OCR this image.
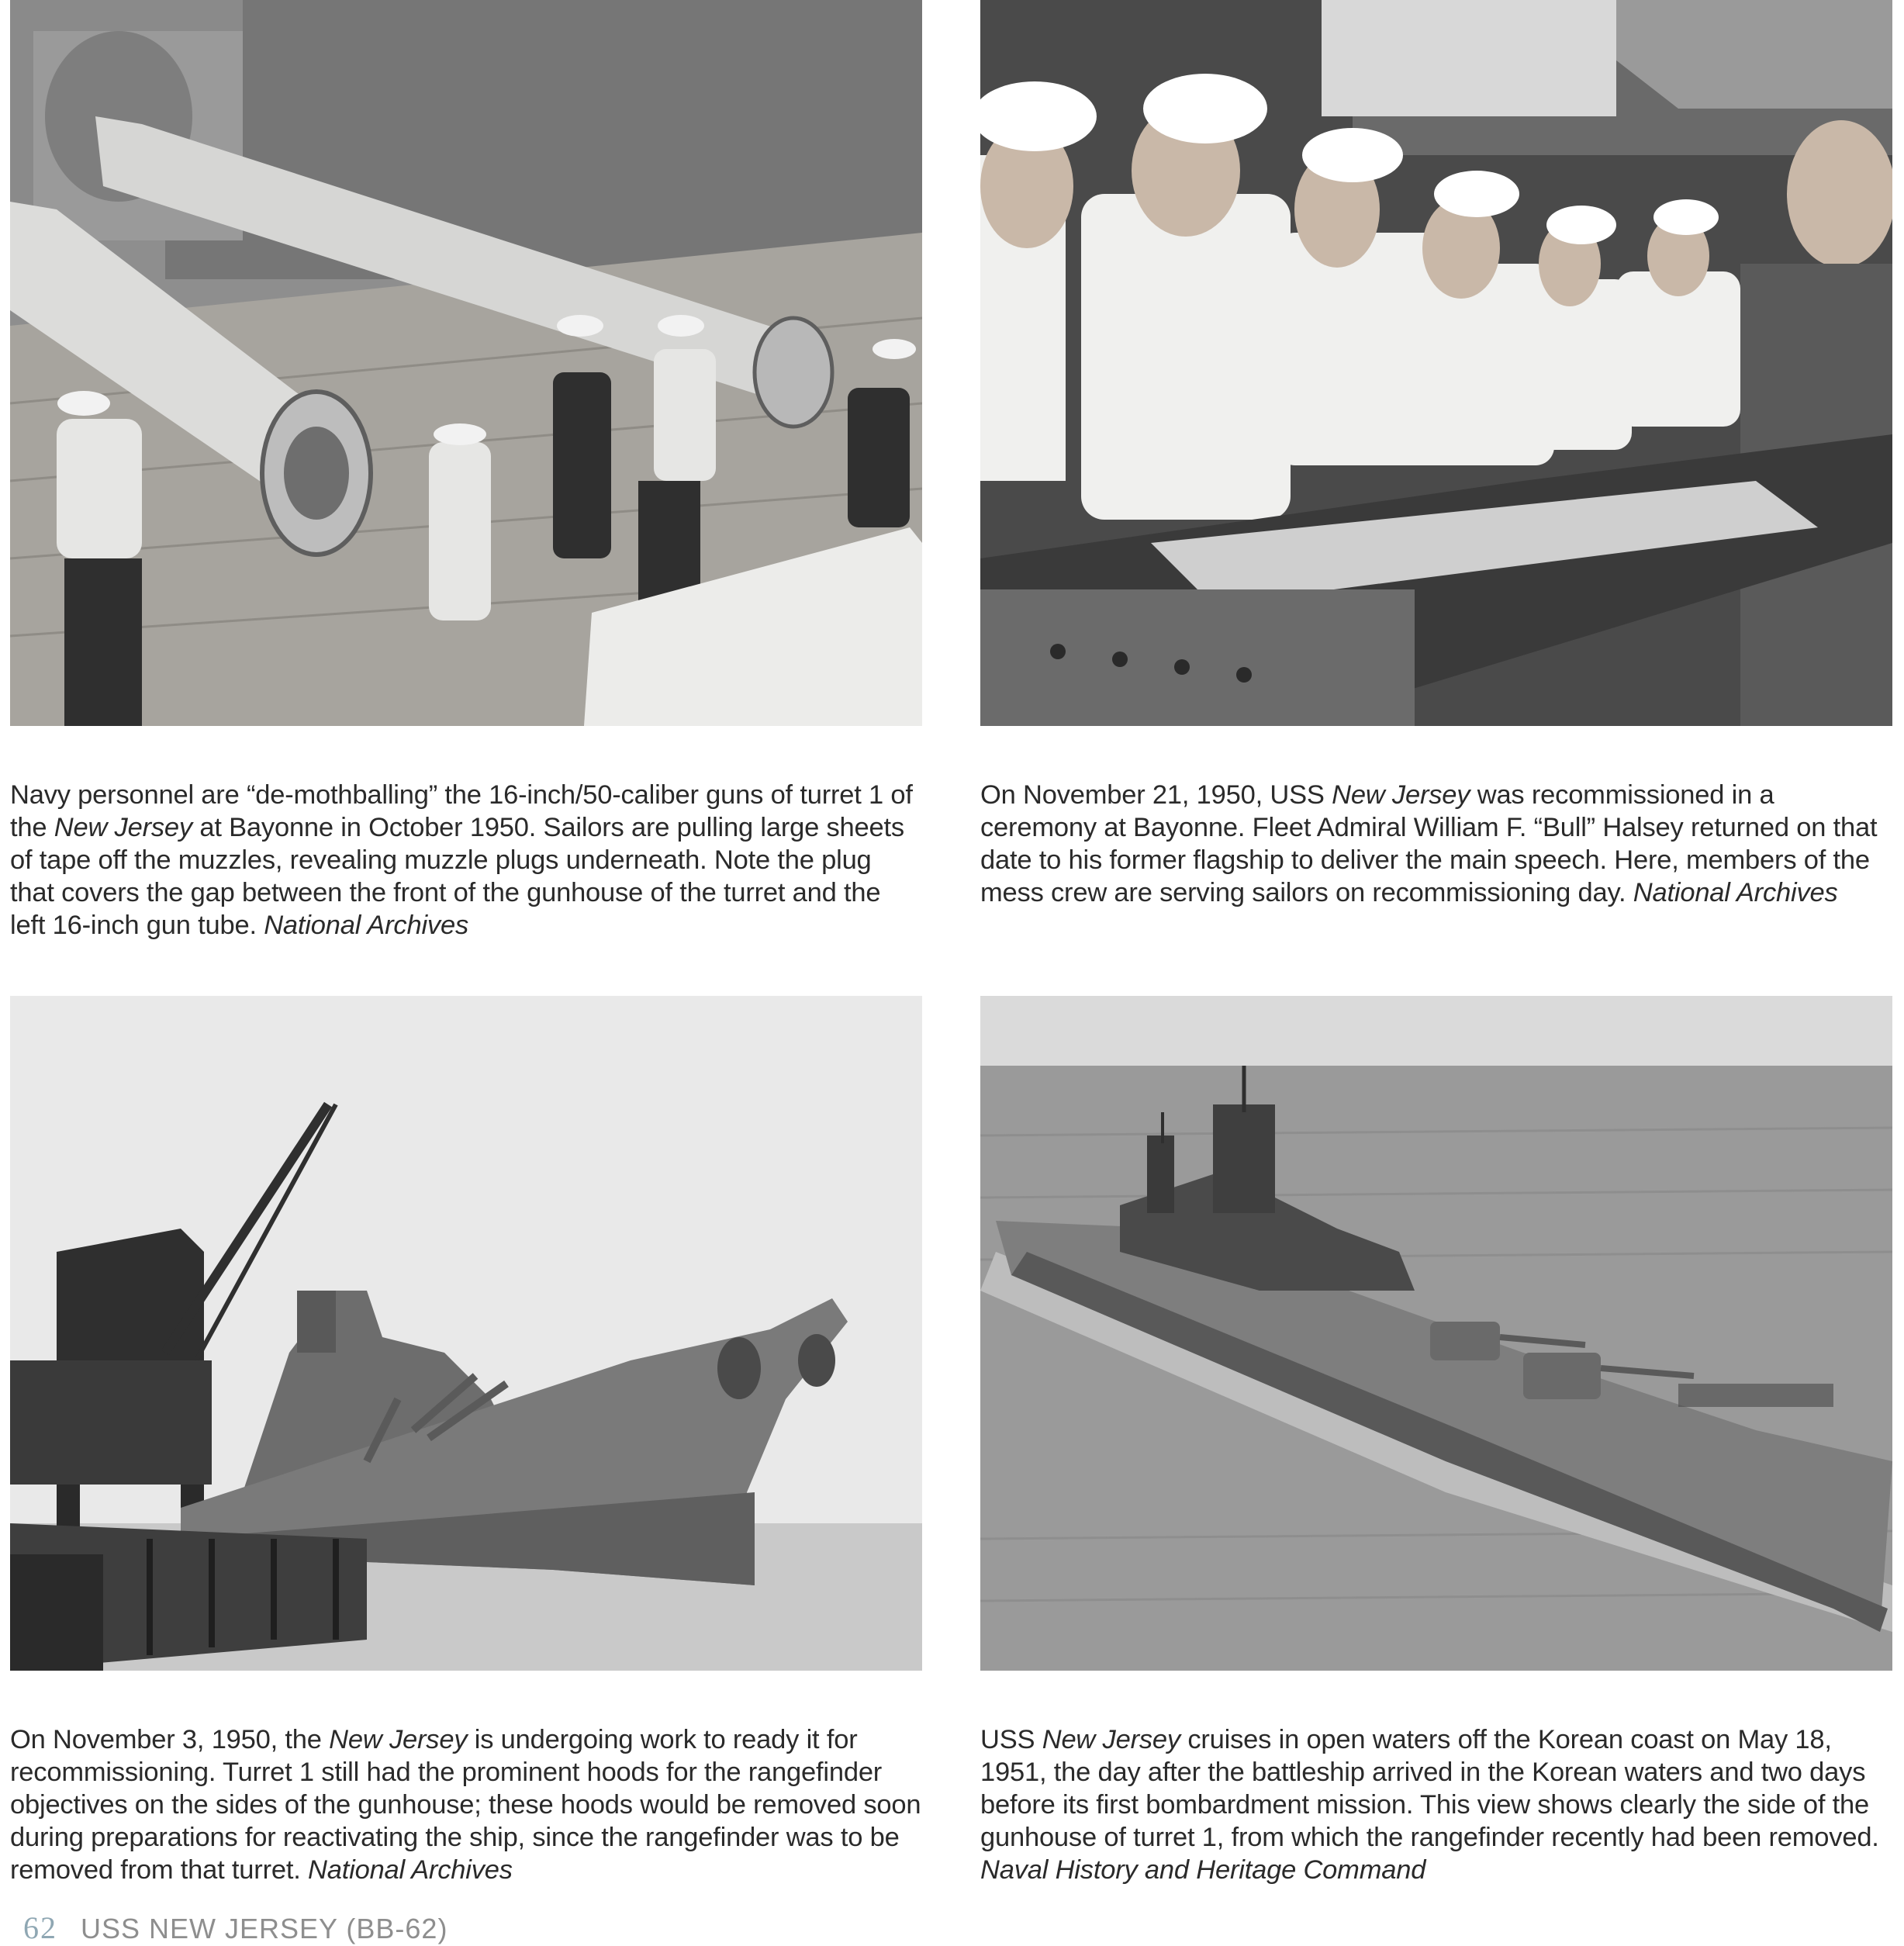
Navy personnel are “de-mothballing” the 16-inch/50-caliber guns of turret 1 of the New Jersey at Bayonne in October 1950. Sailors are pulling large sheets of tape off the muzzles, revealing muzzle plugs underneath. Note the plug that covers the gap between the front of the gunhouse of the turret and the left 16-inch gun tube. National Archives

On November 21, 1950, USS New Jersey was recommissioned in a ceremony at Bayonne. Fleet Admiral William F. “Bull” Halsey returned on that date to his former flagship to deliver the main speech. Here, members of the mess crew are serving sailors on recommissioning day. National Archives

On November 3, 1950, the New Jersey is undergoing work to ready it for recommissioning. Turret 1 still had the prominent hoods for the rangefinder objectives on the sides of the gunhouse; these hoods would be removed soon during preparations for reactivating the ship, since the rangefinder was to be removed from that turret. National Archives

USS New Jersey cruises in open waters off the Korean coast on May 18, 1951, the day after the battleship arrived in the Korean waters and two days before its first bombardment mission. This view shows clearly the side of the gunhouse of turret 1, from which the rangefinder recently had been removed. Naval History and Heritage Command

62 USS NEW JERSEY (BB-62)
